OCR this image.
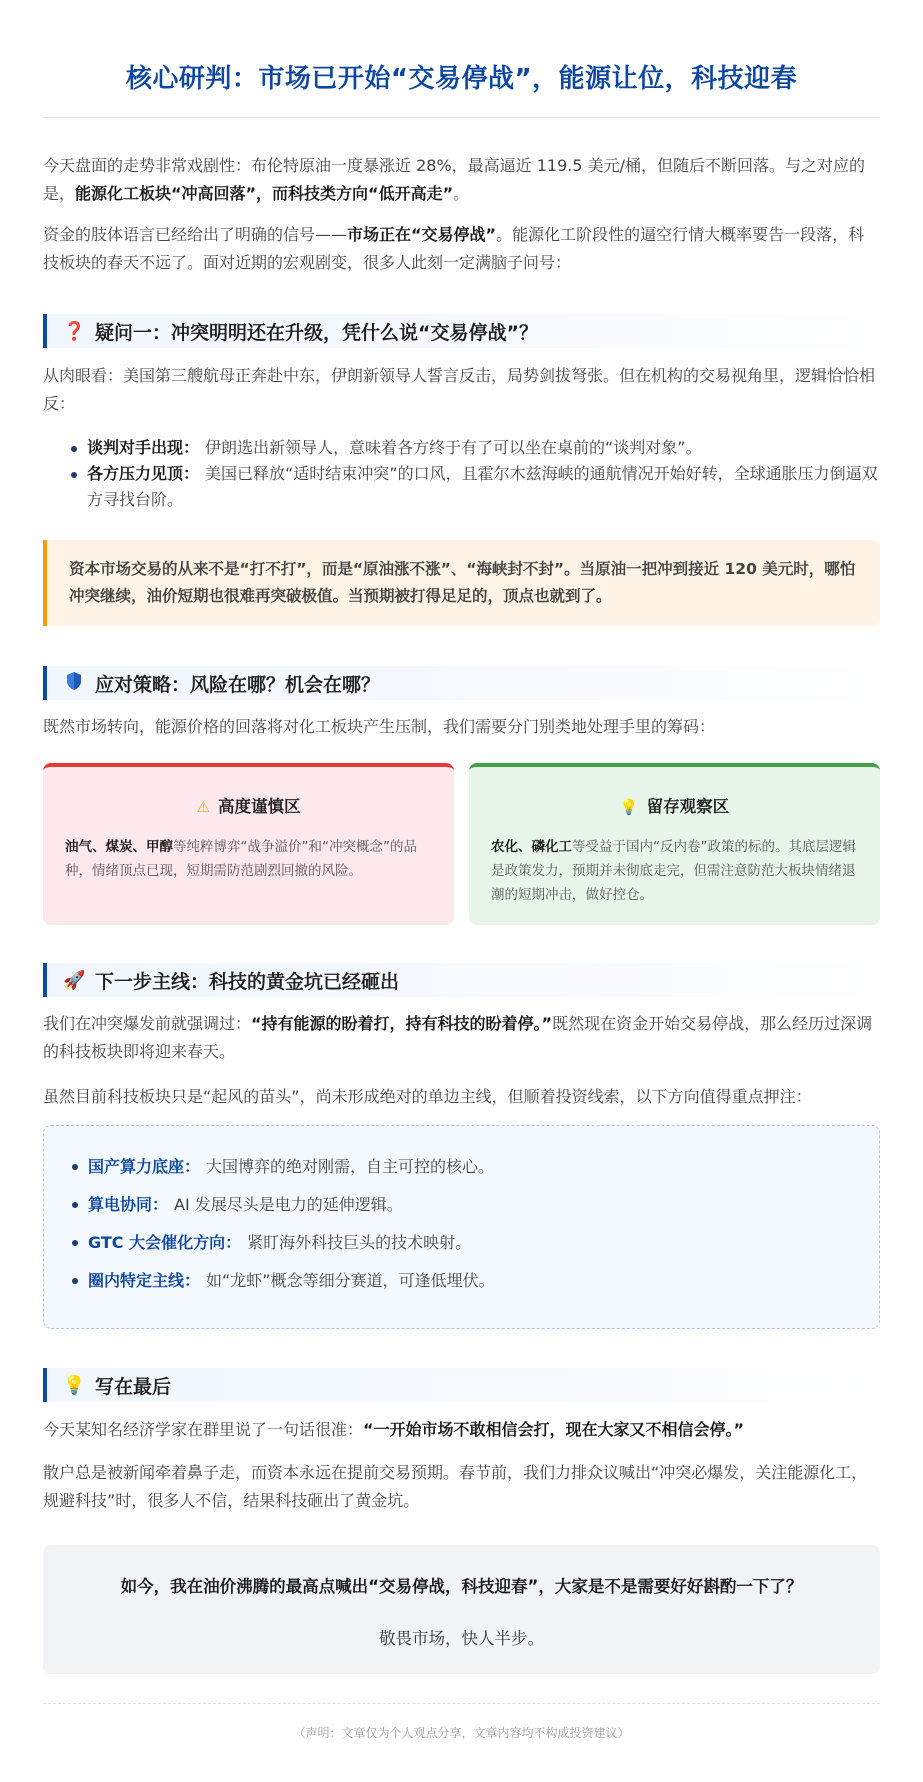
核心研判：市场已开始“交易停战”，能源让位，科技迎春

今天盘面的走势非常戏剧性：布伦特原油一度暴涨近 28%，最高逼近 119.5 美元/桶，但随后不断回落。与之对应的是，能源化工板块“冲高回落”，而科技类方向“低开高走”。

资金的肢体语言已经给出了明确的信号——市场正在“交易停战”。能源化工阶段性的逼空行情大概率要告一段落，科技板块的春天不远了。面对近期的宏观剧变，很多人此刻一定满脑子问号：

❓ 疑问一：冲突明明还在升级，凭什么说“交易停战”？

从肉眼看：美国第三艘航母正奔赴中东，伊朗新领导人誓言反击，局势剑拔弩张。但在机构的交易视角里，逻辑恰恰相反：

谈判对手出现： 伊朗选出新领导人，意味着各方终于有了可以坐在桌前的“谈判对象”。
各方压力见顶： 美国已释放“适时结束冲突”的口风，且霍尔木兹海峡的通航情况开始好转，全球通胀压力倒逼双方寻找台阶。
资本市场交易的从来不是“打不打”，而是“原油涨不涨”、“海峡封不封”。当原油一把冲到接近 120 美元时，哪怕冲突继续，油价短期也很难再突破极值。当预期被打得足足的，顶点也就到了。
应对策略：风险在哪？机会在哪？

既然市场转向，能源价格的回落将对化工板块产生压制，我们需要分门别类地处理手里的筹码：

⚠ 高度谨慎区
油气、煤炭、甲醇等纯粹博弈“战争溢价”和“冲突概念”的品种，情绪顶点已现，短期需防范剧烈回撤的风险。
💡 留存观察区
农化、磷化工等受益于国内“反内卷”政策的标的。其底层逻辑是政策发力，预期并未彻底走完，但需注意防范大板块情绪退潮的短期冲击，做好控仓。
🚀 下一步主线：科技的黄金坑已经砸出

我们在冲突爆发前就强调过：“持有能源的盼着打，持有科技的盼着停。”既然现在资金开始交易停战，那么经历过深调的科技板块即将迎来春天。

虽然目前科技板块只是“起风的苗头”，尚未形成绝对的单边主线，但顺着投资线索，以下方向值得重点押注：

国产算力底座： 大国博弈的绝对刚需，自主可控的核心。
算电协同： AI 发展尽头是电力的延伸逻辑。
GTC 大会催化方向： 紧盯海外科技巨头的技术映射。
圈内特定主线： 如“龙虾”概念等细分赛道，可逢低埋伏。
💡 写在最后

今天某知名经济学家在群里说了一句话很准：“一开始市场不敢相信会打，现在大家又不相信会停。”

散户总是被新闻牵着鼻子走，而资本永远在提前交易预期。春节前，我们力排众议喊出“冲突必爆发，关注能源化工，规避科技”时，很多人不信，结果科技砸出了黄金坑。

如今，我在油价沸腾的最高点喊出“交易停战，科技迎春”，大家是不是需要好好斟酌一下了？
敬畏市场，快人半步。
（声明：文章仅为个人观点分享，文章内容均不构成投资建议）
